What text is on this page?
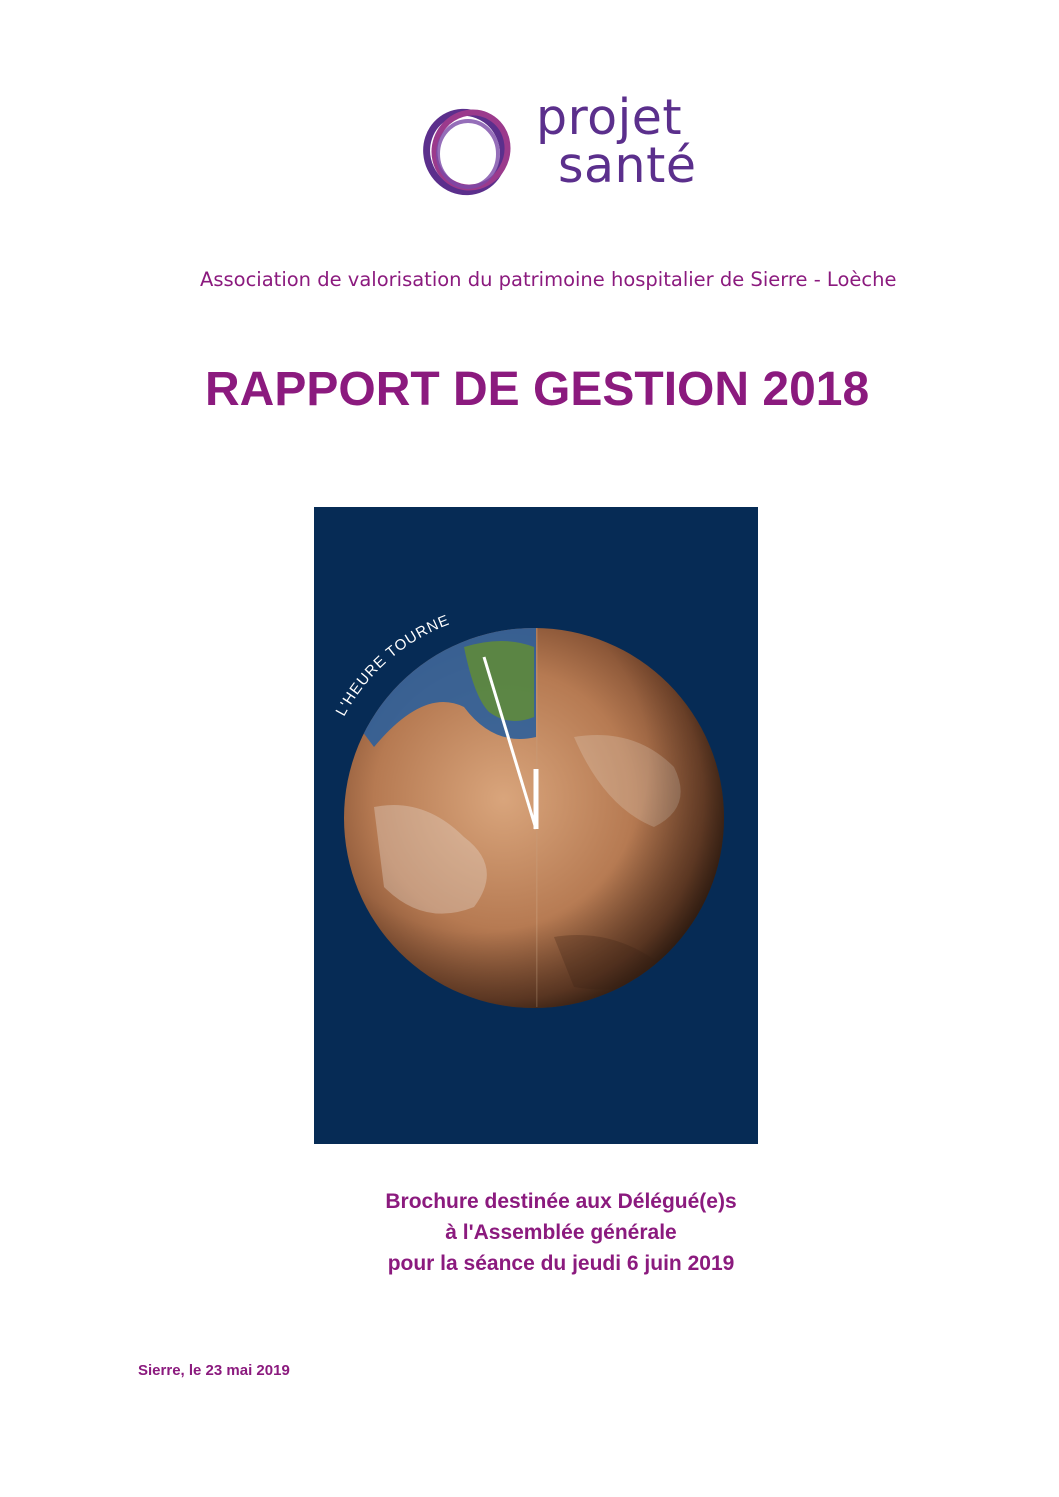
projet
santé
Association de valorisation du patrimoine hospitalier de Sierre - Loèche
RAPPORT DE GESTION 2018
L'HEURE TOURNE
Brochure destinée aux Délégué(e)s
à l'Assemblée générale
pour la séance du jeudi 6 juin 2019
Sierre, le 23 mai 2019
